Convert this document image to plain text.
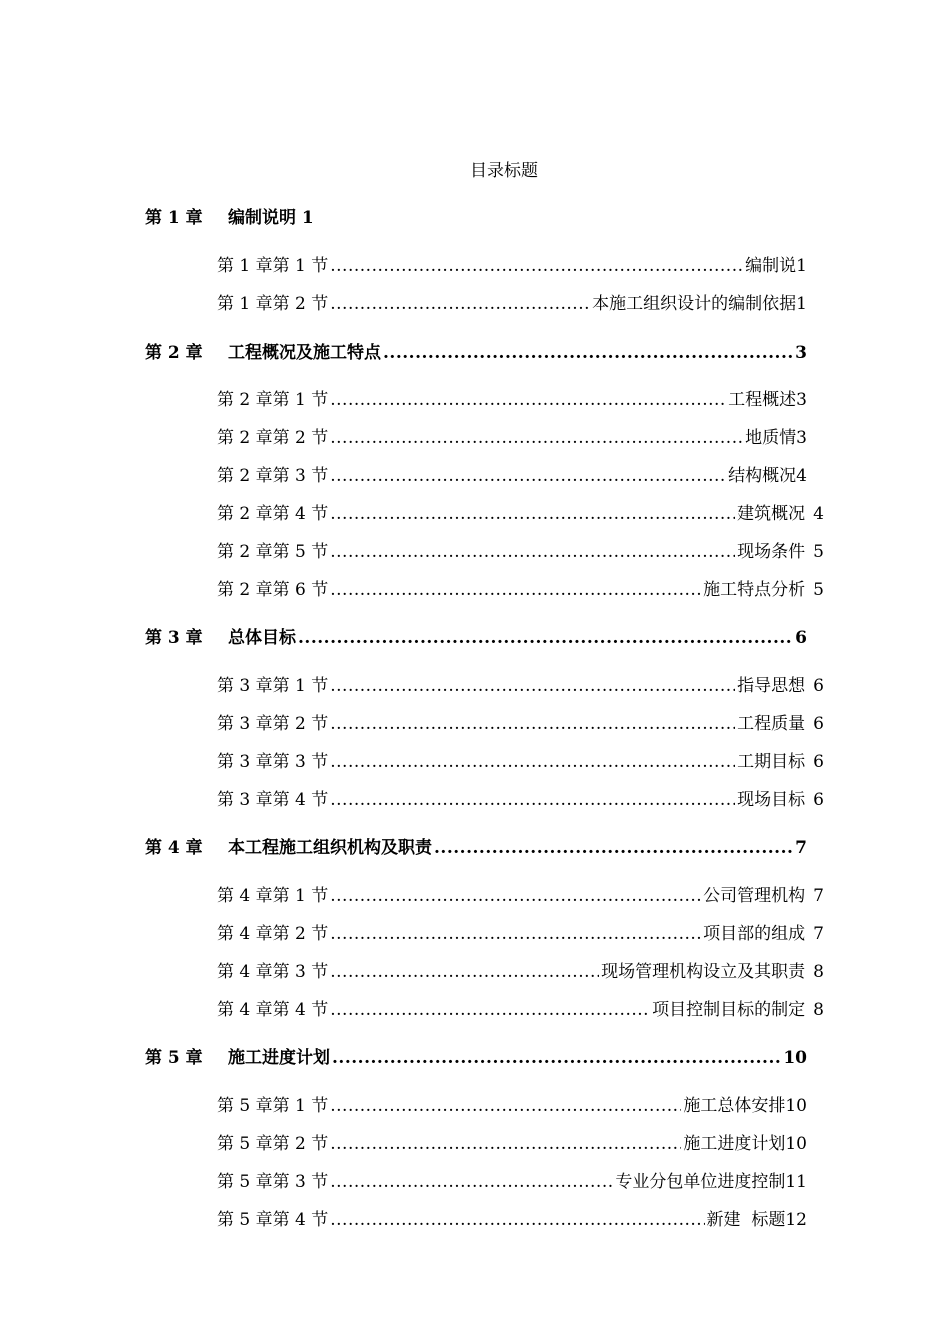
目录标题
第 1 章	编制说明 1
第 1 章第 1 节 .....	编制说 1
第 1 章第 2 节 .....	本施工组织设计的编制依据 1
第 2 章	工程概况及施工特点 .....	3
第 2 章第 1 节 .....	工程概述 3
第 2 章第 2 节 .....	地质情 3
第 2 章第 3 节 .....	结构概况 4
第 2 章第 4 节 .....	建筑概况 4
第 2 章第 5 节 .....	现场条件 5
第 2 章第 6 节 .....	施工特点分析 5
第 3 章	总体目标 .....	6
第 3 章第 1 节 .....	指导思想 6
第 3 章第 2 节 .....	工程质量 6
第 3 章第 3 节 .....	工期目标 6
第 3 章第 4 节 .....	现场目标 6
第 4 章	本工程施工组织机构及职责 .....	7
第 4 章第 1 节 .....	公司管理机构 7
第 4 章第 2 节 .....	项目部的组成 7
第 4 章第 3 节 .....	现场管理机构设立及其职责 8
第 4 章第 4 节 .....	项目控制目标的制定 8
第 5 章	施工进度计划 .....	10
第 5 章第 1 节 .....	施工总体安排 10
第 5 章第 2 节 .....	施工进度计划 10
第 5 章第 3 节 .....	专业分包单位进度控制 11
第 5 章第 4 节 .....	新建  标题 12
